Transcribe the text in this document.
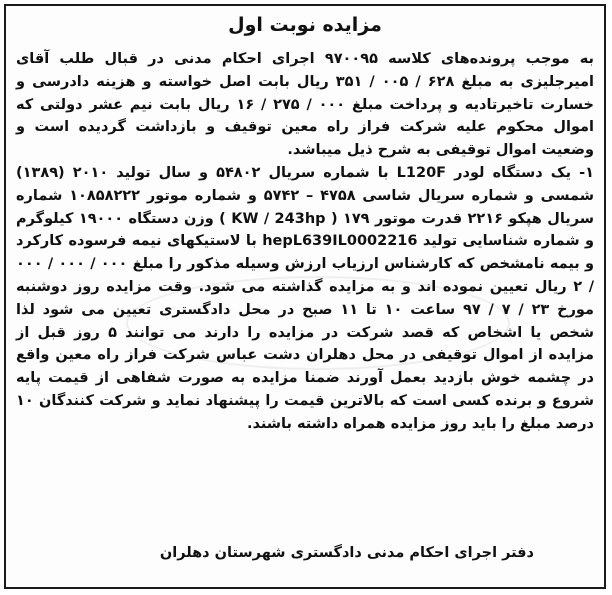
مزایده نوبت اول

به موجب پرونده‌های کلاسه ۹۷۰۰۹۵ اجرای احکام مدنی در قبال طلب آقای امیرجلیزی به مبلغ ۶۲۸ / ۰۰۵ / ۳۵۱ ریال بابت اصل خواسته و هزینه دادرسی و خسارت تاخیرتادیه و پرداخت مبلغ ۰۰۰ / ۲۷۵ / ۱۶ ریال بابت نیم عشر دولتی که اموال محکوم علیه شرکت فراز راه معین توقیف و بازداشت گردیده است و وضعیت اموال توقیفی به شرح ذیل میباشد.

۱- یک دستگاه لودر L120F با شماره سریال ۵۴۸۰۲ و سال تولید ۲۰۱۰ (۱۳۸۹) شمسی و شماره سریال شاسی ۴۷۵۸ – ۵۷۴۲ و شماره موتور ۱۰۸۵۸۲۲۲ شماره سریال هپکو ۲۲۱۶ قدرت موتور ۱۷۹ ( KW / 243hp ) وزن دستگاه ۱۹۰۰۰ کیلوگرم و شماره شناسایی تولید hepL639IL0002216 با لاستیکهای نیمه فرسوده کارکرد و بیمه نامشخص که کارشناس ارزیاب ارزش وسیله مذکور را مبلغ ۰۰۰ / ۰۰۰ / ۰۰۰ / ۲ ریال تعیین نموده اند و به مزایده گذاشته می شود. وقت مزایده روز دوشنبه مورخ ۲۳ / ۷ / ۹۷ ساعت ۱۰ تا ۱۱ صبح در محل دادگستری تعیین می شود لذا شخص یا اشخاص که قصد شرکت در مزایده را دارند می توانند ۵ روز قبل از مزایده از اموال توقیفی در محل دهلران دشت عباس شرکت فراز راه معین واقع در چشمه خوش بازدید بعمل آورند ضمنا مزایده به صورت شفاهی از قیمت پایه شروع و برنده کسی است که بالاترین قیمت را پیشنهاد نماید و شرکت کنندگان ۱۰ درصد مبلغ را باید روز مزایده همراه داشته باشند.

دفتر اجرای احکام مدنی دادگستری شهرستان دهلران
